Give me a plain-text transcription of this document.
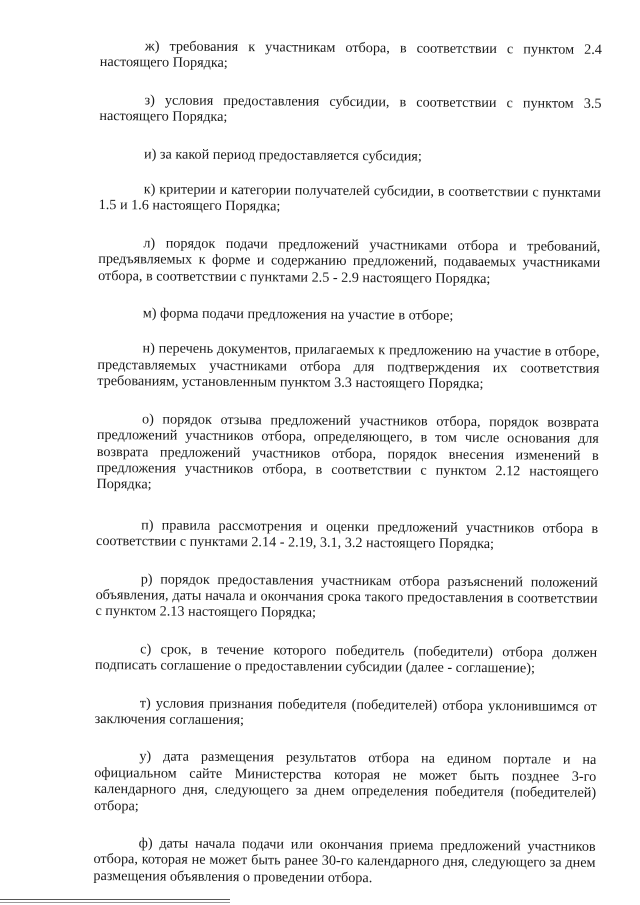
ж) требования к участникам отбора, в соответствии с пунктом 2.4 настоящего Порядка;

з) условия предоставления субсидии, в соответствии с пунктом 3.5 настоящего Порядка;

и) за какой период предоставляется субсидия;

к) критерии и категории получателей субсидии, в соответствии с пунктами 1.5 и 1.6 настоящего Порядка;

л) порядок подачи предложений участниками отбора и требований, предъявляемых к форме и содержанию предложений, подаваемых участниками отбора, в соответствии с пунктами 2.5 - 2.9 настоящего Порядка;

м) форма подачи предложения на участие в отборе;

н) перечень документов, прилагаемых к предложению на участие в отборе, представляемых участниками отбора для подтверждения их соответствия требованиям, установленным пунктом 3.3 настоящего Порядка;

о) порядок отзыва предложений участников отбора, порядок возврата предложений участников отбора, определяющего, в том числе основания для возврата предложений участников отбора, порядок внесения изменений в предложения участников отбора, в соответствии с пунктом 2.12 настоящего Порядка;

п) правила рассмотрения и оценки предложений участников отбора в соответствии с пунктами 2.14 - 2.19, 3.1, 3.2 настоящего Порядка;

р) порядок предоставления участникам отбора разъяснений положений объявления, даты начала и окончания срока такого предоставления в соответствии с пунктом 2.13 настоящего Порядка;

с) срок, в течение которого победитель (победители) отбора должен подписать соглашение о предоставлении субсидии (далее - соглашение);

т) условия признания победителя (победителей) отбора уклонившимся от заключения соглашения;

у) дата размещения результатов отбора на едином портале и на официальном сайте Министерства которая не может быть позднее 3-го календарного дня, следующего за днем определения победителя (победителей) отбора;

ф) даты начала подачи или окончания приема предложений участников отбора, которая не может быть ранее 30-го календарного дня, следующего за днем размещения объявления о проведении отбора.
